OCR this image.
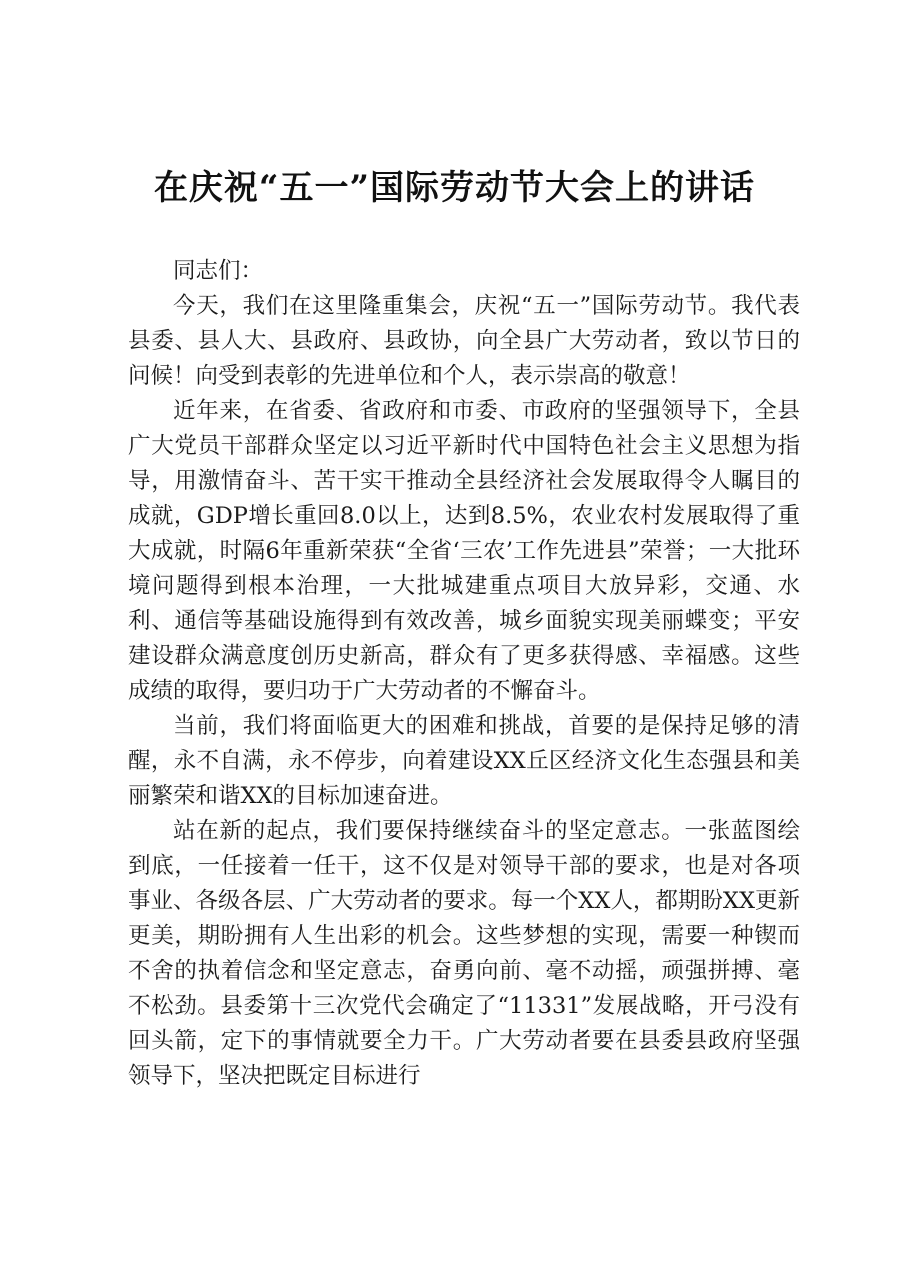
在庆祝“五一”国际劳动节大会上的讲话

同志们：

今天，我们在这里隆重集会，庆祝“五一”国际劳动节。我代表县委、县人大、县政府、县政协，向全县广大劳动者，致以节日的问候！向受到表彰的先进单位和个人，表示崇高的敬意！

近年来，在省委、省政府和市委、市政府的坚强领导下，全县广大党员干部群众坚定以习近平新时代中国特色社会主义思想为指导，用激情奋斗、苦干实干推动全县经济社会发展取得令人瞩目的成就，GDP增长重回8.0以上，达到8.5%，农业农村发展取得了重大成就，时隔6年重新荣获“全省‘三农’工作先进县”荣誉；一大批环境问题得到根本治理，一大批城建重点项目大放异彩，交通、水利、通信等基础设施得到有效改善，城乡面貌实现美丽蝶变；平安建设群众满意度创历史新高，群众有了更多获得感、幸福感。这些成绩的取得，要归功于广大劳动者的不懈奋斗。

当前，我们将面临更大的困难和挑战，首要的是保持足够的清醒，永不自满，永不停步，向着建设XX丘区经济文化生态强县和美丽繁荣和谐XX的目标加速奋进。

站在新的起点，我们要保持继续奋斗的坚定意志。一张蓝图绘到底，一任接着一任干，这不仅是对领导干部的要求，也是对各项事业、各级各层、广大劳动者的要求。每一个XX人，都期盼XX更新更美，期盼拥有人生出彩的机会。这些梦想的实现，需要一种锲而不舍的执着信念和坚定意志，奋勇向前、毫不动摇，顽强拼搏、毫不松劲。县委第十三次党代会确定了“11331”发展战略，开弓没有回头箭，定下的事情就要全力干。广大劳动者要在县委县政府坚强领导下，坚决把既定目标进行
